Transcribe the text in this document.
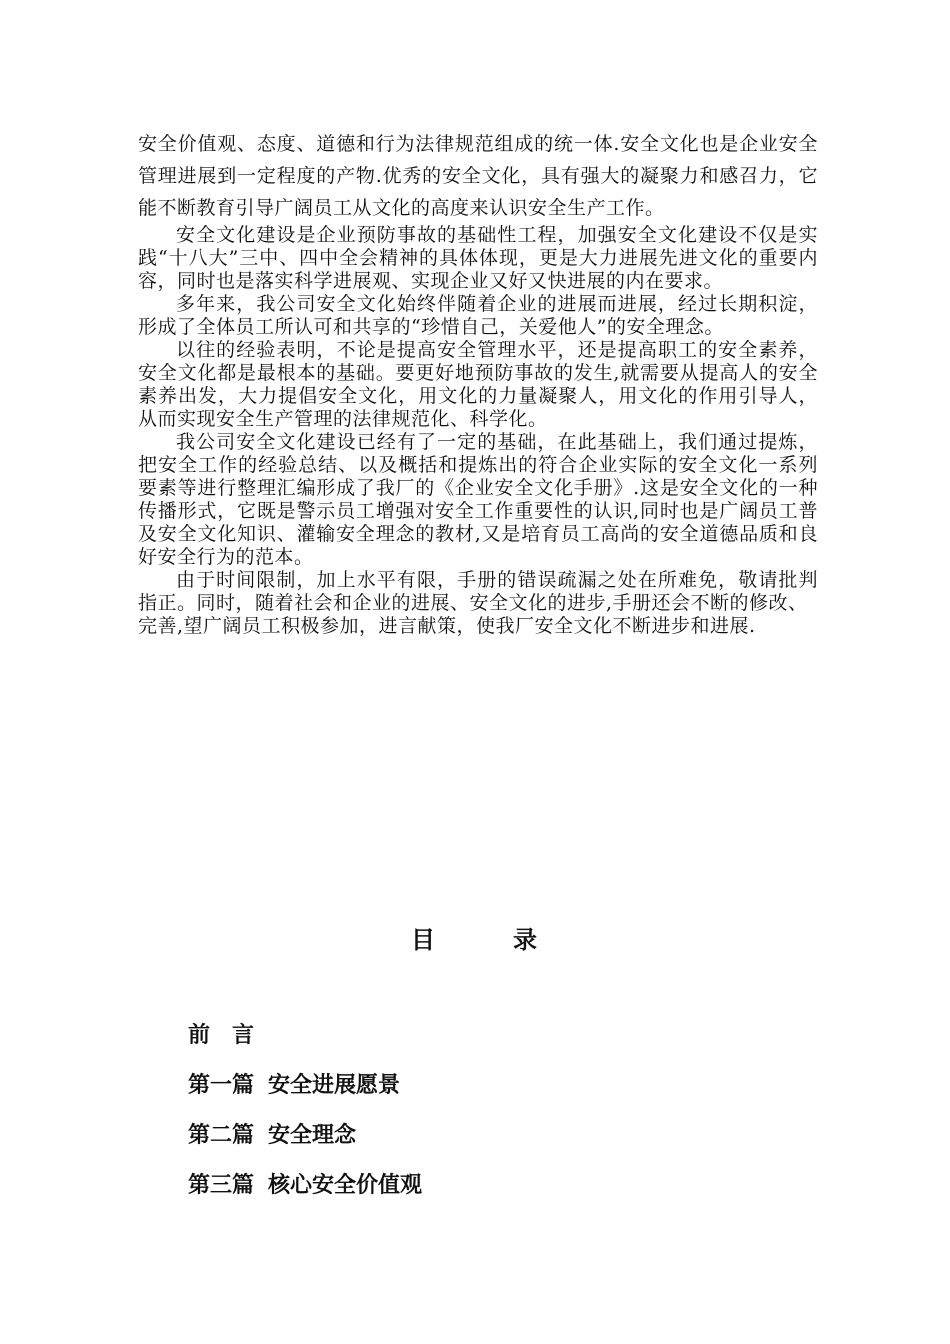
安全价值观、态度、道德和行为法律规范组成的统一体.安全文化也是企业安全管理进展到一定程度的产物.优秀的安全文化，具有强大的凝聚力和感召力，它能不断教育引导广阔员工从文化的高度来认识安全生产工作。

安全文化建设是企业预防事故的基础性工程，加强安全文化建设不仅是实践“十八大”三中、四中全会精神的具体体现，更是大力进展先进文化的重要内容，同时也是落实科学进展观、实现企业又好又快进展的内在要求。

多年来，我公司安全文化始终伴随着企业的进展而进展，经过长期积淀，形成了全体员工所认可和共享的“珍惜自己，关爱他人”的安全理念。

以往的经验表明，不论是提高安全管理水平，还是提高职工的安全素养，安全文化都是最根本的基础。要更好地预防事故的发生,就需要从提高人的安全素养出发，大力提倡安全文化，用文化的力量凝聚人，用文化的作用引导人，从而实现安全生产管理的法律规范化、科学化。

我公司安全文化建设已经有了一定的基础，在此基础上，我们通过提炼，把安全工作的经验总结、以及概括和提炼出的符合企业实际的安全文化一系列要素等进行整理汇编形成了我厂的《企业安全文化手册》.这是安全文化的一种传播形式，它既是警示员工增强对安全工作重要性的认识,同时也是广阔员工普及安全文化知识、灌输安全理念的教材,又是培育员工高尚的安全道德品质和良好安全行为的范本。

由于时间限制，加上水平有限，手册的错误疏漏之处在所难免，敬请批判指正。同时，随着社会和企业的进展、安全文化的进步,手册还会不断的修改、

完善,望广阔员工积极参加，进言献策，使我厂安全文化不断进步和进展.

目	录
前　言
第一篇 安全进展愿景
第二篇 安全理念
第三篇 核心安全价值观
